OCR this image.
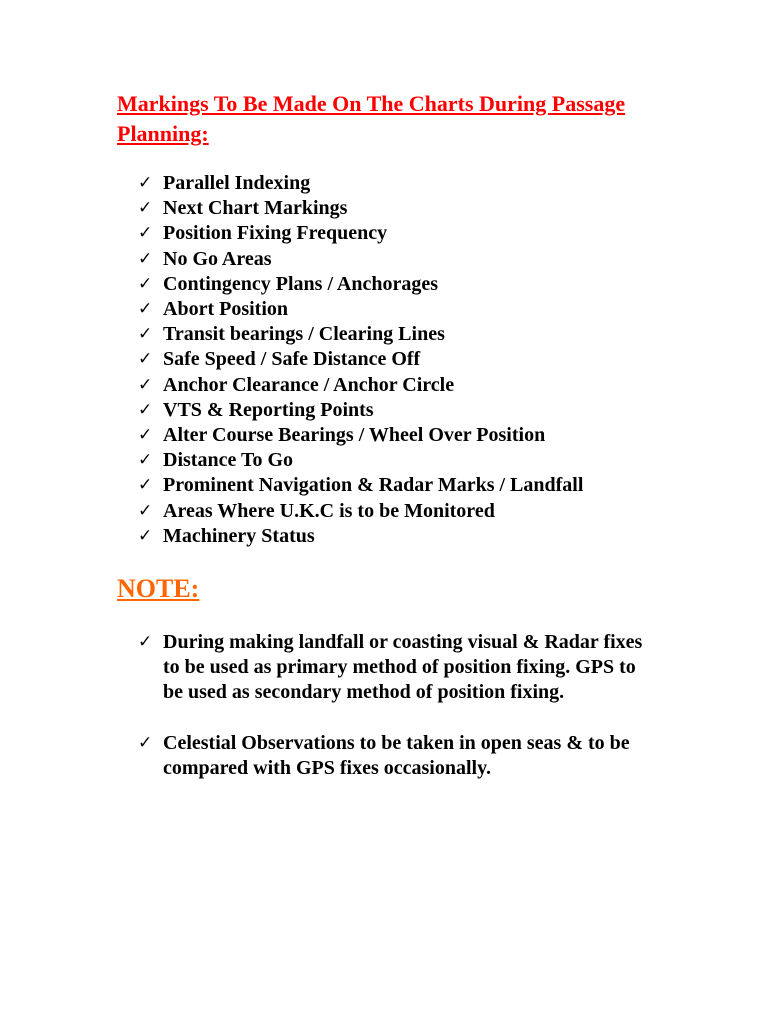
Markings To Be Made On The Charts During Passage Planning:
✓ Parallel Indexing
✓ Next Chart Markings
✓ Position Fixing Frequency
✓ No Go Areas
✓ Contingency Plans / Anchorages
✓ Abort Position
✓ Transit bearings / Clearing Lines
✓ Safe Speed / Safe Distance Off
✓ Anchor Clearance / Anchor Circle
✓ VTS & Reporting Points
✓ Alter Course Bearings / Wheel Over Position
✓ Distance To Go
✓ Prominent Navigation & Radar Marks / Landfall
✓ Areas Where U.K.C is to be Monitored
✓ Machinery Status
NOTE:
✓ During making landfall or coasting visual & Radar fixes to be used as primary method of position fixing. GPS to be used as secondary method of position fixing.
✓ Celestial Observations to be taken in open seas & to be compared with GPS fixes occasionally.
